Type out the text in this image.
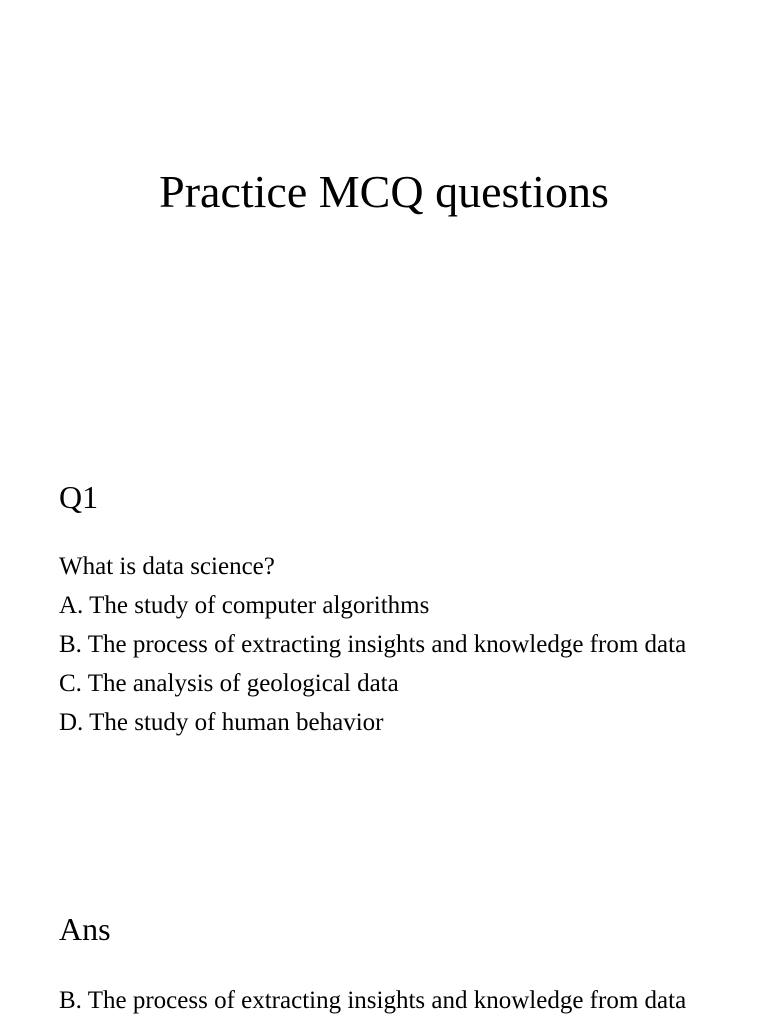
Practice MCQ questions
Q1
What is data science?
A. The study of computer algorithms
B. The process of extracting insights and knowledge from data
C. The analysis of geological data
D. The study of human behavior
Ans
B. The process of extracting insights and knowledge from data
